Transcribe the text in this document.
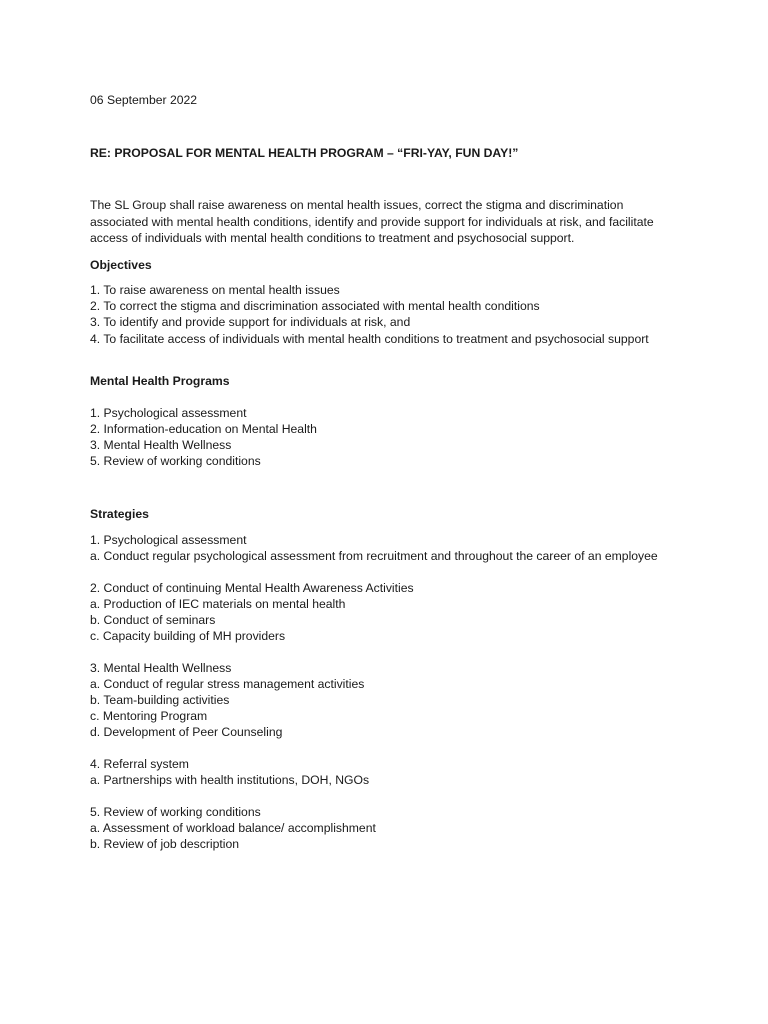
06 September 2022
RE: PROPOSAL FOR MENTAL HEALTH PROGRAM – “FRI-YAY, FUN DAY!”
The SL Group shall raise awareness on mental health issues, correct the stigma and discrimination
associated with mental health conditions, identify and provide support for individuals at risk, and facilitate
access of individuals with mental health conditions to treatment and psychosocial support.
Objectives
1. To raise awareness on mental health issues
2. To correct the stigma and discrimination associated with mental health conditions
3. To identify and provide support for individuals at risk, and
4. To facilitate access of individuals with mental health conditions to treatment and psychosocial support
Mental Health Programs
1. Psychological assessment
2. Information-education on Mental Health
3. Mental Health Wellness
5. Review of working conditions
Strategies
1. Psychological assessment
a. Conduct regular psychological assessment from recruitment and throughout the career of an employee
2. Conduct of continuing Mental Health Awareness Activities
a. Production of IEC materials on mental health
b. Conduct of seminars
c. Capacity building of MH providers
3. Mental Health Wellness
a. Conduct of regular stress management activities
b. Team-building activities
c. Mentoring Program
d. Development of Peer Counseling
4. Referral system
a. Partnerships with health institutions, DOH, NGOs
5. Review of working conditions
a. Assessment of workload balance/ accomplishment
b. Review of job description
